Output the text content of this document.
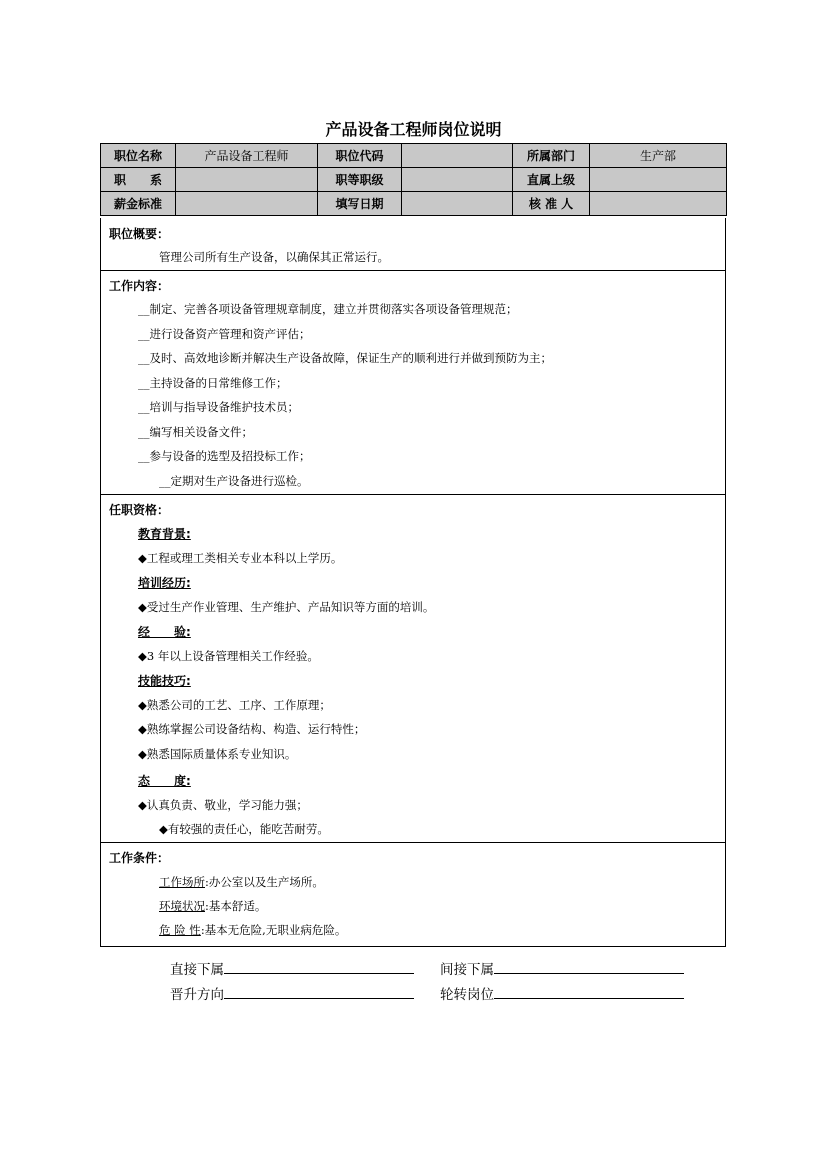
产品设备工程师岗位说明
职位名称	产品设备工程师	职位代码		所属部门	生产部
职　　系		职等职级		直属上级	
薪金标准		填写日期		核 准 人	
职位概要：
管理公司所有生产设备，以确保其正常运行。
工作内容：
__制定、完善各项设备管理规章制度，建立并贯彻落实各项设备管理规范；
__进行设备资产管理和资产评估；
__及时、高效地诊断并解决生产设备故障，保证生产的顺利进行并做到预防为主；
__主持设备的日常维修工作；
__培训与指导设备维护技术员；
__编写相关设备文件；
__参与设备的选型及招投标工作；
__定期对生产设备进行巡检。
任职资格：
教育背景:
◆工程或理工类相关专业本科以上学历。
培训经历:
◆受过生产作业管理、生产维护、产品知识等方面的培训。
经　　验:
◆3 年以上设备管理相关工作经验。
技能技巧:
◆熟悉公司的工艺、工序、工作原理；
◆熟练掌握公司设备结构、构造、运行特性；
◆熟悉国际质量体系专业知识。
态　　度:
◆认真负责、敬业，学习能力强；
◆有较强的责任心，能吃苦耐劳。
工作条件：
工作场所:办公室以及生产场所。
环境状况:基本舒适。
危 险 性:基本无危险,无职业病危险。
直接下属	间接下属
晋升方向	轮转岗位
